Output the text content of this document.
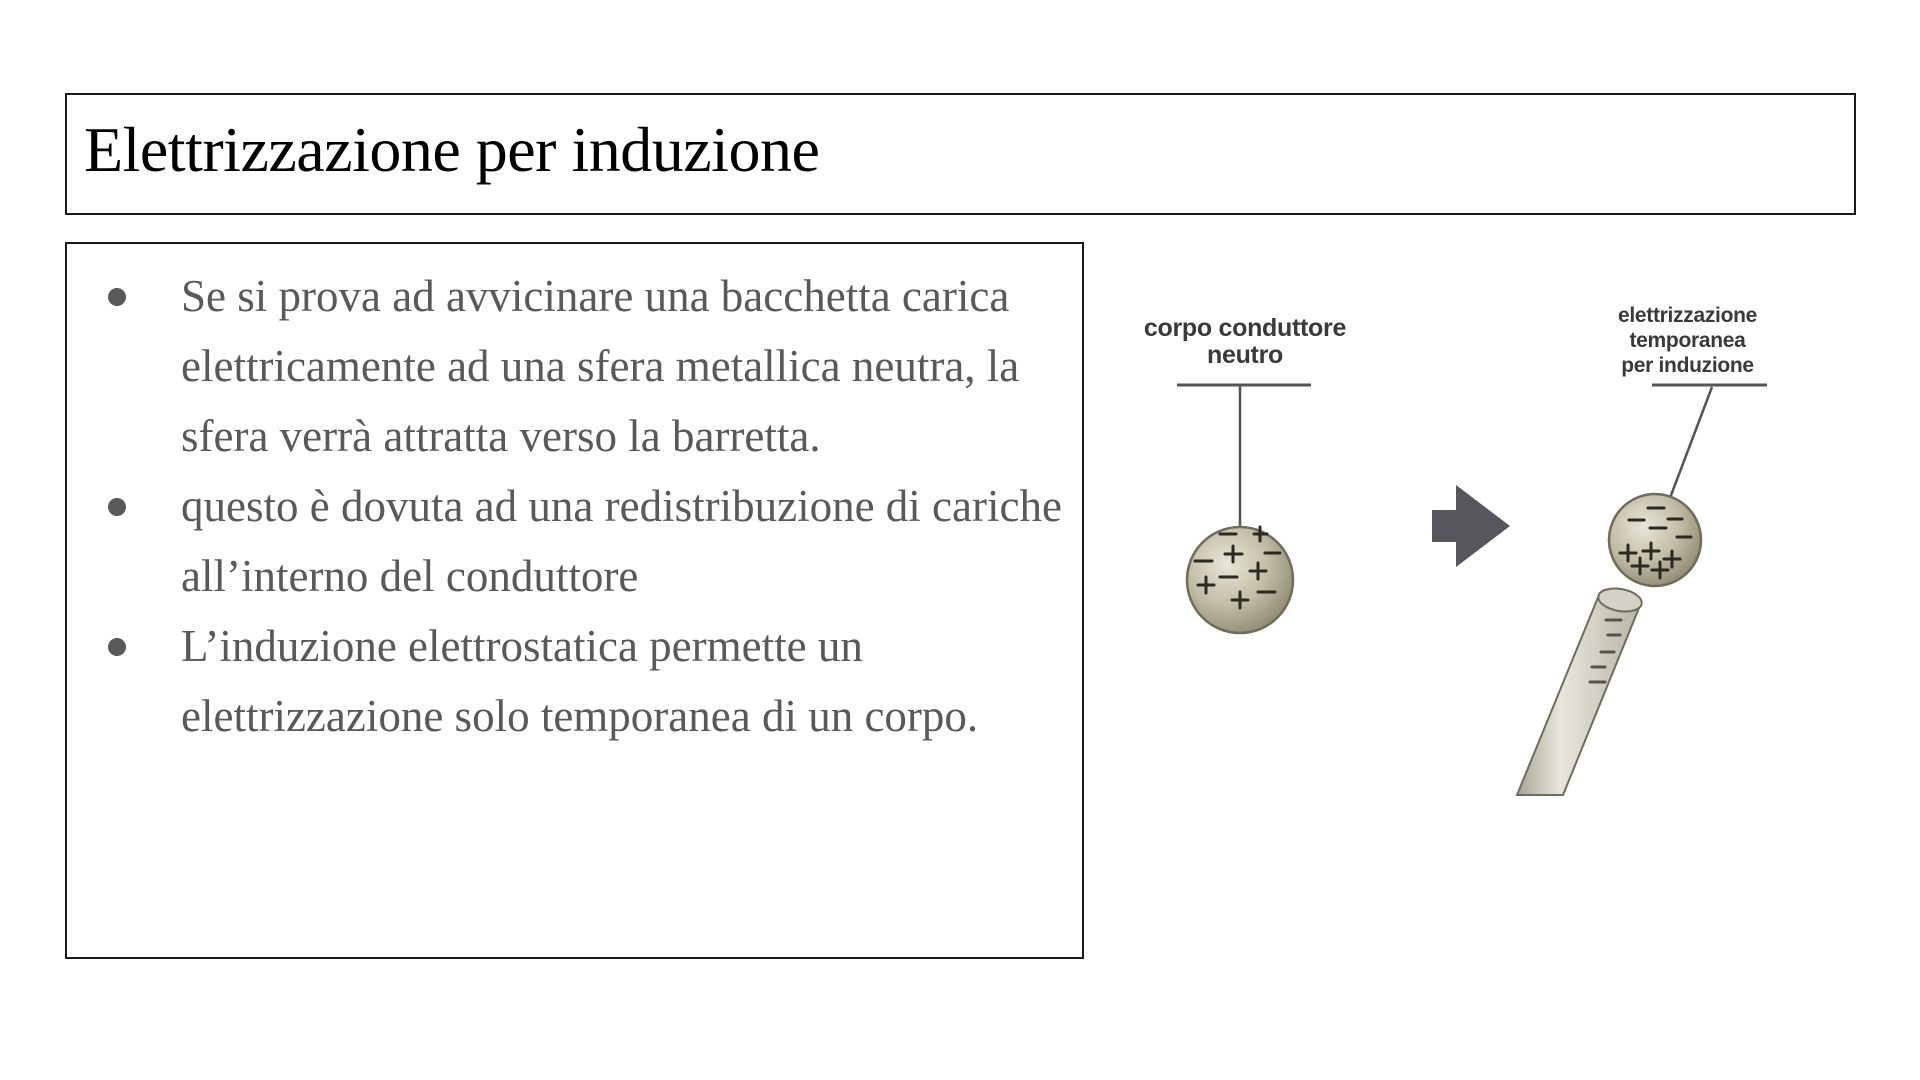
Elettrizzazione per induzione
Se si prova ad avvicinare una bacchetta carica elettricamente ad una sfera metallica neutra, la sfera verrà attratta verso la barretta.
questo è dovuta ad una redistribuzione di cariche all’interno del conduttore
L’induzione elettrostatica permette un elettrizzazione solo temporanea di un corpo.
corpo conduttore
neutro
elettrizzazione
temporanea
per induzione
